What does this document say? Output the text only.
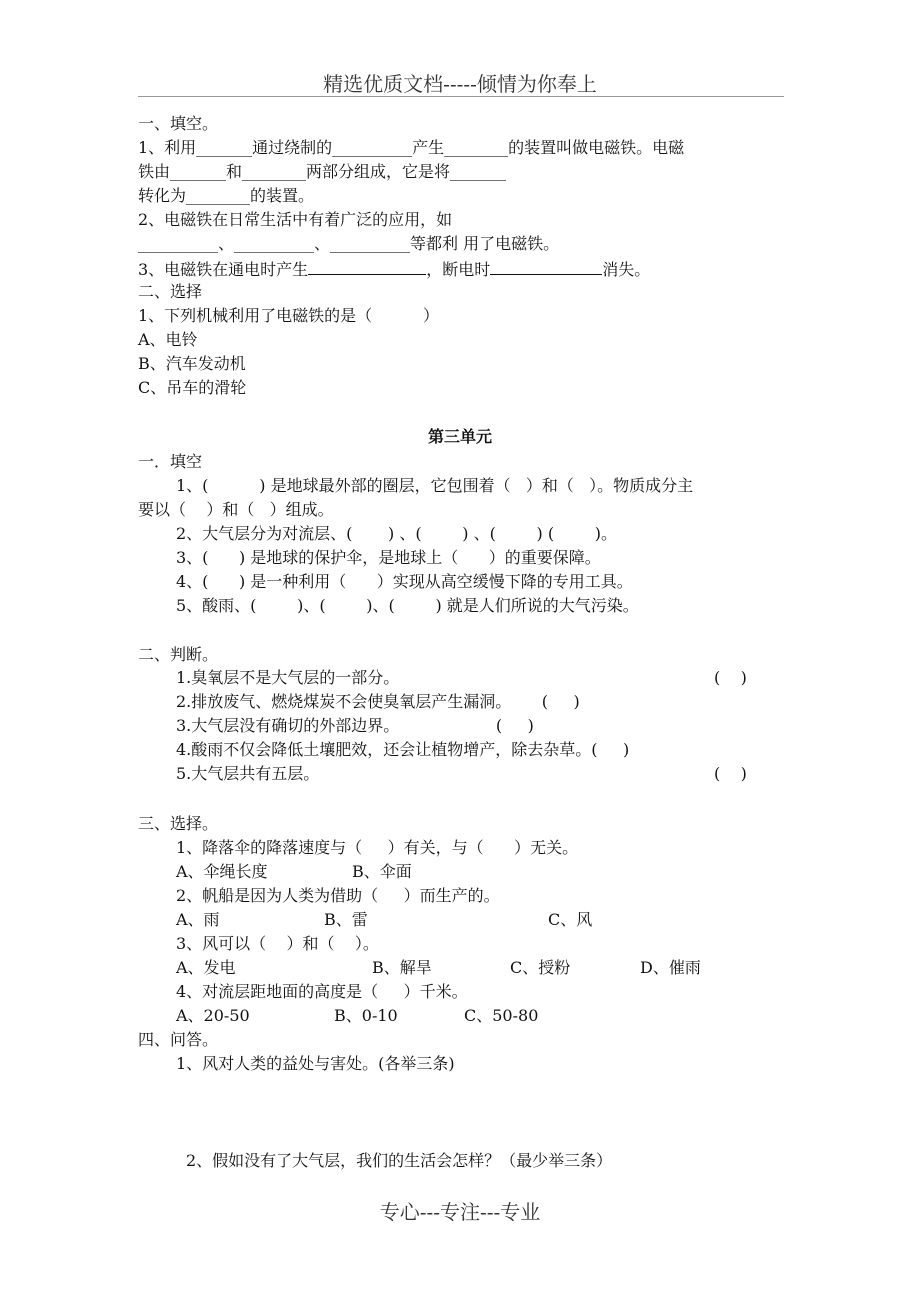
精选优质文档-----倾情为你奉上
一、填空。
1、利用_______通过绕制的__________产生________的装置叫做电磁铁。电磁
铁由_______和________两部分组成，它是将_______
转化为________的装置。
2、电磁铁在日常生活中有着广泛的应用，如
__________、__________、__________等都利 用了电磁铁。
3、电磁铁在通电时产生	，断电时	消失。
二、选择
1、下列机械利用了电磁铁的是（          ）
A、电铃
B、汽车发动机
C、吊车的滑轮
第三单元
一．填空
1、(          ) 是地球最外部的圈层，它包围着（   ）和（   ）。物质成分主
要以（    ）和（   ）组成。
2、大气层分为对流层、(       ) 、(        ) 、(        ) (        )。
3、(      ) 是地球的保护伞，是地球上（      ）的重要保障。
4、(      ) 是一种利用（      ）实现从高空缓慢下降的专用工具。
5、酸雨、(        )、(        )、(        ) 就是人们所说的大气污染。
二、判断。
1.臭氧层不是大气层的一部分。	(    )
2.排放废气、燃烧煤炭不会使臭氧层产生漏洞。      (     )
3.大气层没有确切的外部边界。                   (     )
4.酸雨不仅会降低土壤肥效，还会让植物增产，除去杂草。(     )
5.大气层共有五层。	(    )
三、选择。
1、降落伞的降落速度与（     ）有关，与（      ）无关。
A、伞绳长度	B、伞面
2、帆船是因为人类为借助（     ）而生产的。
A、雨	B、雷	C、风
3、风可以（    ）和（    ）。
A、发电	B、解旱	C、授粉	D、催雨
4、对流层距地面的高度是（     ）千米。
A、20-50	B、0-10	C、50-80
四、问答。
1、风对人类的益处与害处。(各举三条)
2、假如没有了大气层，我们的生活会怎样？（最少举三条）
专心---专注---专业
